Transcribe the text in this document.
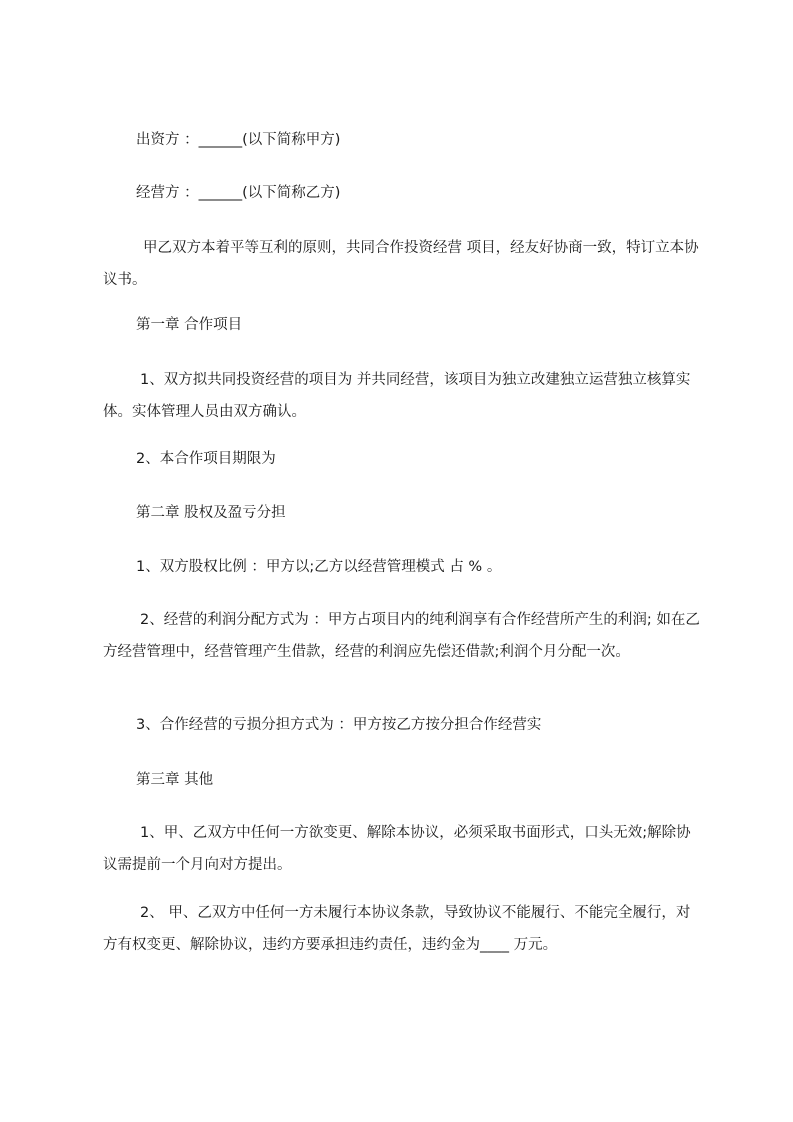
出资方 ：______(以下简称甲方)

经营方 ：______(以下简称乙方)

甲乙双方本着平等互利的原则，共同合作投资经营 项目，经友好协商一致，特订立本协议书。

第一章 合作项目

1、双方拟共同投资经营的项目为 并共同经营，该项目为独立改建独立运营独立核算实体。实体管理人员由双方确认。

2、本合作项目期限为

第二章 股权及盈亏分担

1、双方股权比例 ：甲方以;乙方以经营管理模式 占 % 。

2、经营的利润分配方式为 ：甲方占项目内的纯利润享有合作经营所产生的利润; 如在乙方经营管理中，经营管理产生借款，经营的利润应先偿还借款;利润个月分配一次。

3、合作经营的亏损分担方式为 ：甲方按乙方按分担合作经营实

第三章 其他

1、甲、乙双方中任何一方欲变更、解除本协议，必须采取书面形式，口头无效;解除协议需提前一个月向对方提出。

2、 甲、乙双方中任何一方未履行本协议条款，导致协议不能履行、不能完全履行，对方有权变更、解除协议，违约方要承担违约责任，违约金为____ 万元。
